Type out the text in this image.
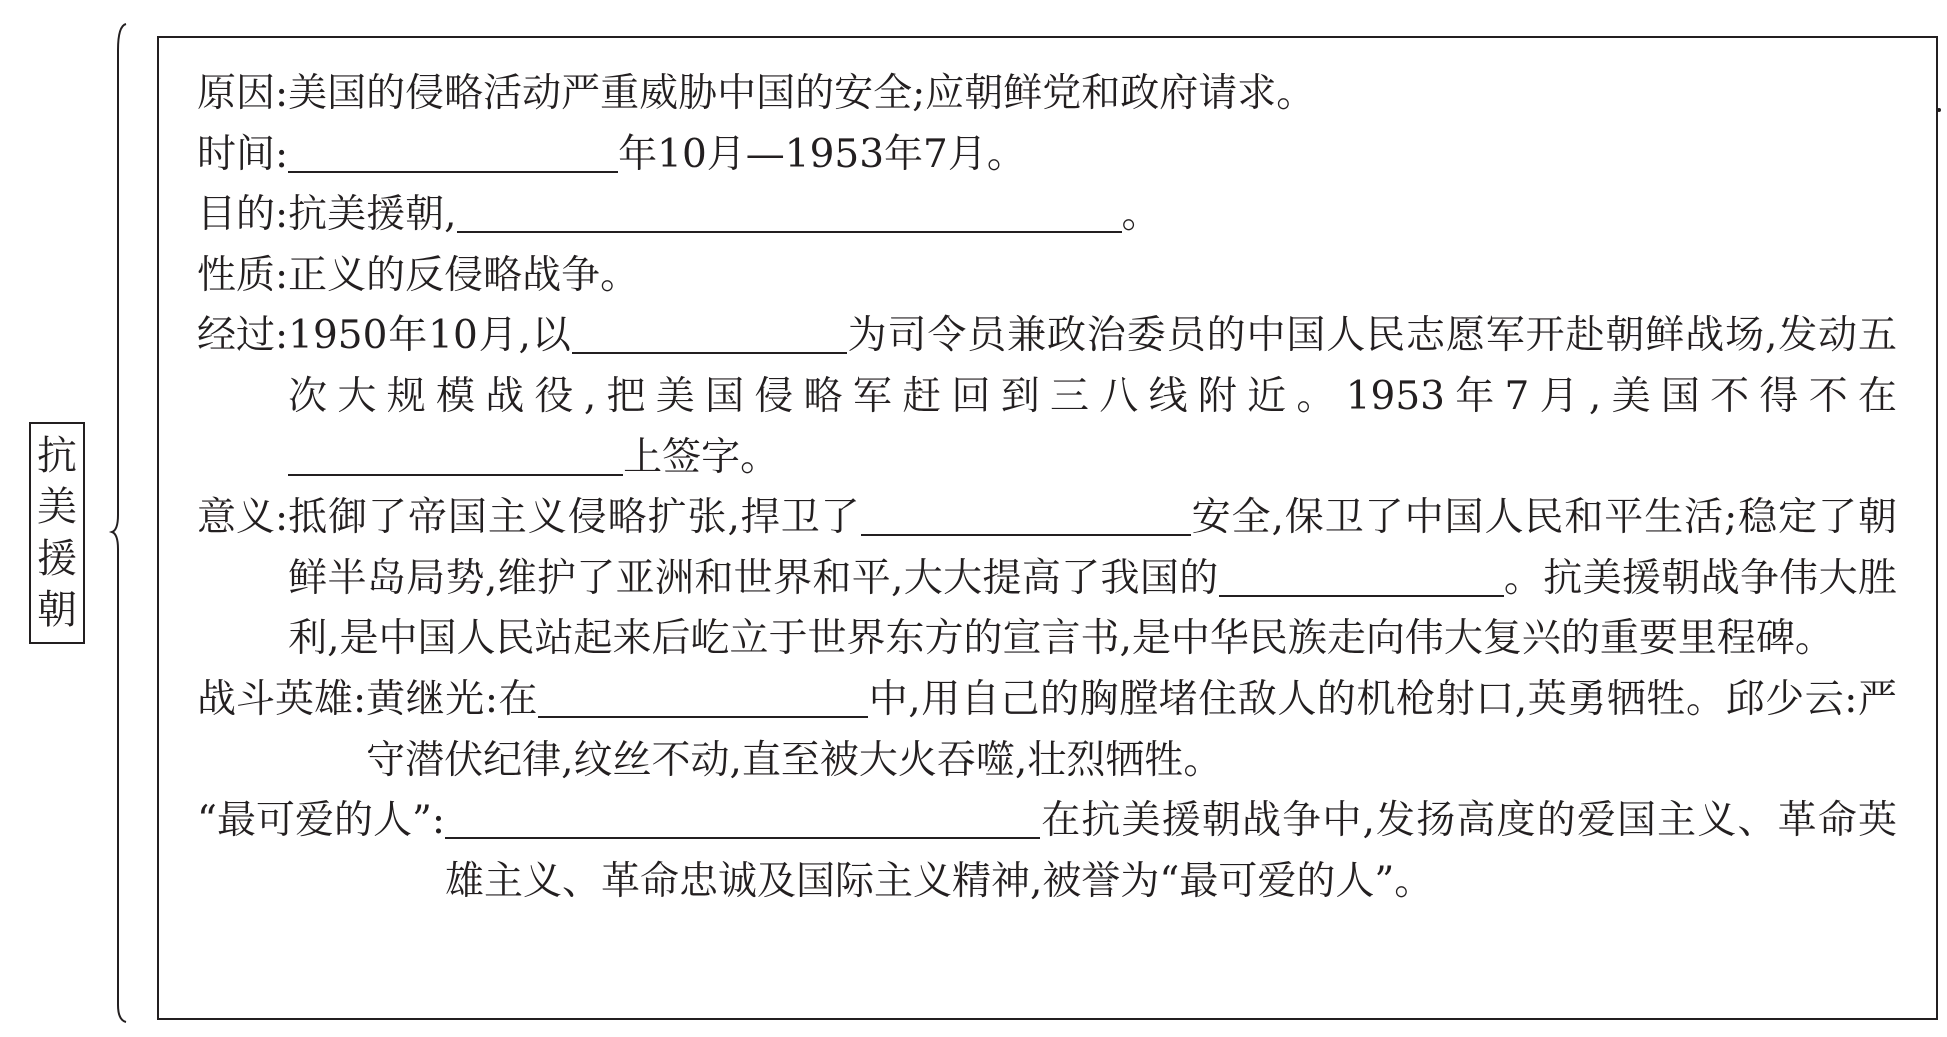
抗
美
援
朝
原因: 美国的侵略活动严重威胁中国的安全;应朝鲜党和政府请求。
时间:	年10月—1953年7月。
目的: 抗美援朝,	。
性质: 正义的反侵略战争。
经过: 1950年10月,以	为司令员兼政治委员的中国人民志愿军开赴朝鲜战场,发动五次大规模战役,把美国侵略军赶回到三八线附近。1953年7月,美国不得不在上签字。
意义: 抵御了帝国主义侵略扩张,捍卫了	安全,保卫了中国人民和平生活;稳定了朝鲜半岛局势,维护了亚洲和世界和平,大大提高了我国的	。抗美援朝战争伟大胜利,是中国人民站起来后屹立于世界东方的宣言书,是中华民族走向伟大复兴的重要里程碑。
战斗英雄: 黄继光:在	中,用自己的胸膛堵住敌人的机枪射口,英勇牺牲。邱少云:严守潜伏纪律,纹丝不动,直至被大火吞噬,壮烈牺牲。
“最可爱的人”:	在抗美援朝战争中,发扬高度的爱国主义、革命英雄主义、革命忠诚及国际主义精神,被誉为“最可爱的人”。
